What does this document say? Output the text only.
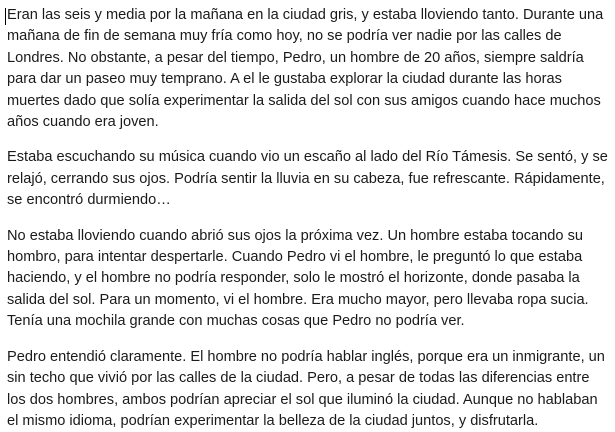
Eran las seis y media por la mañana en la ciudad gris, y estaba lloviendo tanto. Durante una mañana de fin de semana muy fría como hoy, no se podría ver nadie por las calles de Londres. No obstante, a pesar del tiempo, Pedro, un hombre de 20 años, siempre saldría para dar un paseo muy temprano. A el le gustaba explorar la ciudad durante las horas muertes dado que solía experimentar la salida del sol con sus amigos cuando hace muchos años cuando era joven.

Estaba escuchando su música cuando vio un escaño al lado del Río Támesis. Se sentó, y se relajó, cerrando sus ojos. Podría sentir la lluvia en su cabeza, fue refrescante. Rápidamente, se encontró durmiendo…

No estaba lloviendo cuando abrió sus ojos la próxima vez. Un hombre estaba tocando su hombro, para intentar despertarle. Cuando Pedro vi el hombre, le preguntó lo que estaba haciendo, y el hombre no podría responder, solo le mostró el horizonte, donde pasaba la salida del sol. Para un momento, vi el hombre. Era mucho mayor, pero llevaba ropa sucia. Tenía una mochila grande con muchas cosas que Pedro no podría ver.

Pedro entendió claramente. El hombre no podría hablar inglés, porque era un inmigrante, un sin techo que vivió por las calles de la ciudad. Pero, a pesar de todas las diferencias entre los dos hombres, ambos podrían apreciar el sol que iluminó la ciudad. Aunque no hablaban el mismo idioma, podrían experimentar la belleza de la ciudad juntos, y disfrutarla.
